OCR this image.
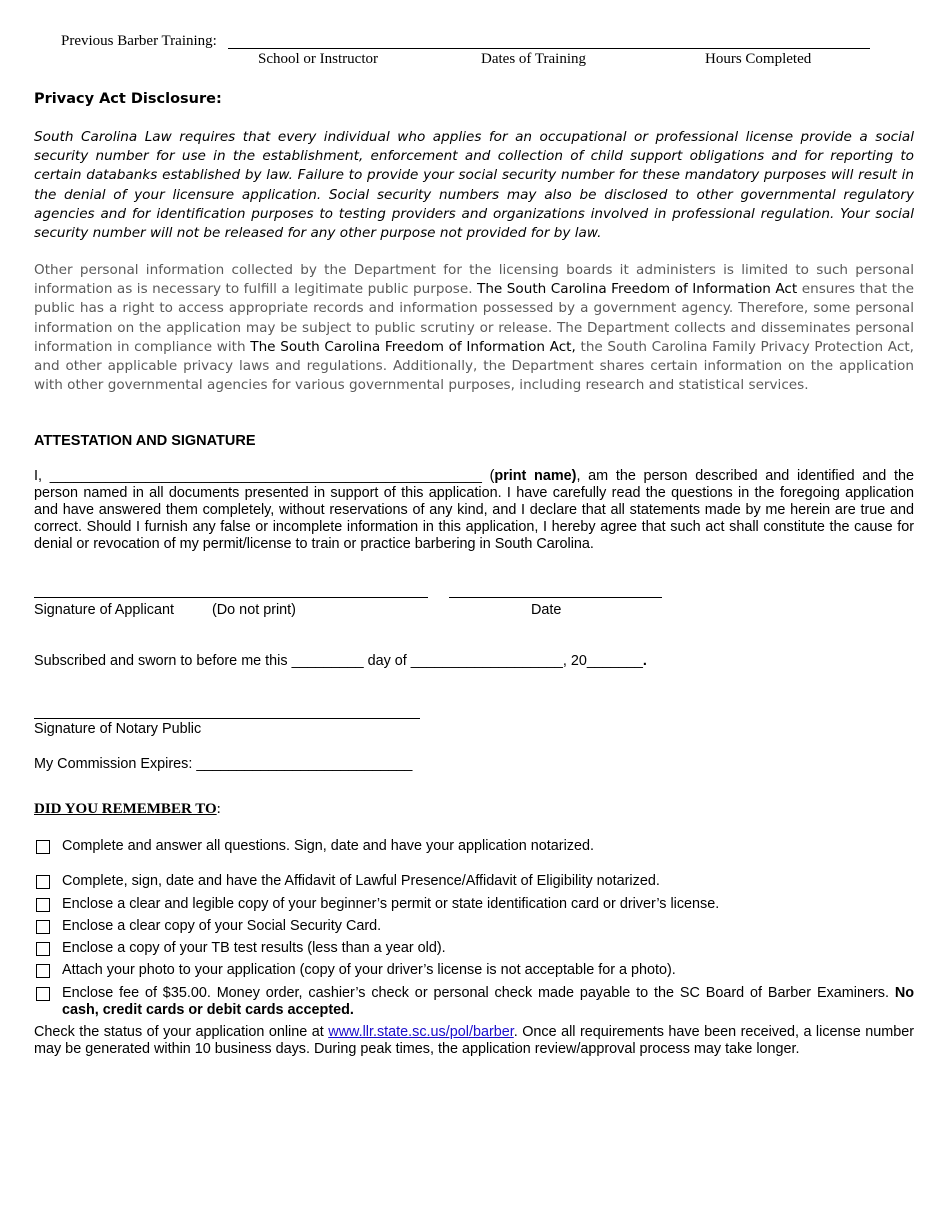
Previous Barber Training:
School or Instructor	Dates of Training	Hours Completed
Privacy Act Disclosure:
South Carolina Law requires that every individual who applies for an occupational or professional license provide a social security number for use in the establishment, enforcement and collection of child support obligations and for reporting to certain databanks established by law. Failure to provide your social security number for these mandatory purposes will result in the denial of your licensure application. Social security numbers may also be disclosed to other governmental regulatory agencies and for identification purposes to testing providers and organizations involved in professional regulation. Your social security number will not be released for any other purpose not provided for by law.
Other personal information collected by the Department for the licensing boards it administers is limited to such personal information as is necessary to fulfill a legitimate public purpose. The South Carolina Freedom of Information Act ensures that the public has a right to access appropriate records and information possessed by a government agency. Therefore, some personal information on the application may be subject to public scrutiny or release. The Department collects and disseminates personal information in compliance with The South Carolina Freedom of Information Act, the South Carolina Family Privacy Protection Act, and other applicable privacy laws and regulations. Additionally, the Department shares certain information on the application with other governmental agencies for various governmental purposes, including research and statistical services.
ATTESTATION AND SIGNATURE
I, ______________________________________________________ (print name), am the person described and identified and the person named in all documents presented in support of this application. I have carefully read the questions in the foregoing application and have answered them completely, without reservations of any kind, and I declare that all statements made by me herein are true and correct. Should I furnish any false or incomplete information in this application, I hereby agree that such act shall constitute the cause for denial or revocation of my permit/license to train or practice barbering in South Carolina.
Signature of Applicant	(Do not print)	Date
Subscribed and sworn to before me this _________ day of ___________________, 20_______.
Signature of Notary Public
My Commission Expires: ___________________________
DID YOU REMEMBER TO:
Complete and answer all questions. Sign, date and have your application notarized.
Complete, sign, date and have the Affidavit of Lawful Presence/Affidavit of Eligibility notarized.
Enclose a clear and legible copy of your beginner’s permit or state identification card or driver’s license.
Enclose a clear copy of your Social Security Card.
Enclose a copy of your TB test results (less than a year old).
Attach your photo to your application (copy of your driver’s license is not acceptable for a photo).
Enclose fee of $35.00. Money order, cashier’s check or personal check made payable to the SC Board of Barber Examiners. No cash, credit cards or debit cards accepted.
Check the status of your application online at www.llr.state.sc.us/pol/barber. Once all requirements have been received, a license number may be generated within 10 business days. During peak times, the application review/approval process may take longer.
